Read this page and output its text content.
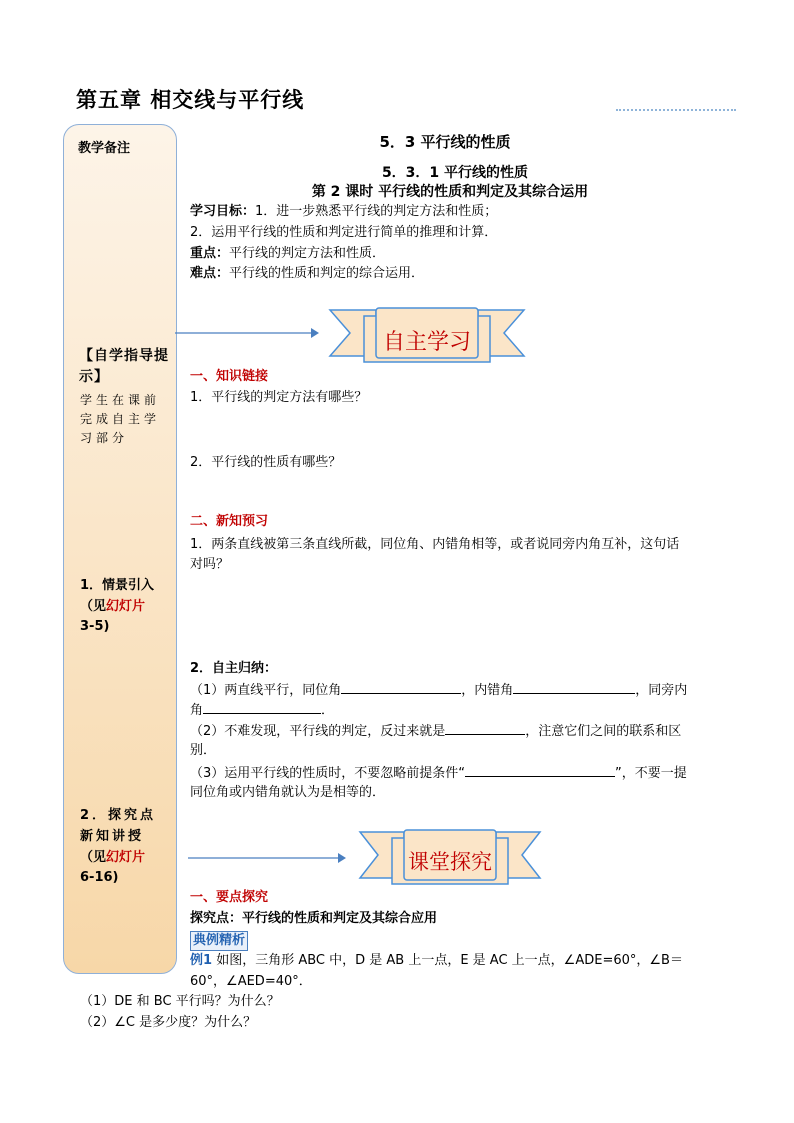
第五章 相交线与平行线
教学备注
【自学指导提示】
学生在课前完成自主学习部分
1．情景引入
（见幻灯片
3-5)
2．探究点新知讲授
（见幻灯片
6-16)
5．3 平行线的性质
5．3．1 平行线的性质
第 2 课时 平行线的性质和判定及其综合运用
学习目标：1．进一步熟悉平行线的判定方法和性质；
2．运用平行线的性质和判定进行简单的推理和计算．
重点：平行线的判定方法和性质．
难点：平行线的性质和判定的综合运用．
自主学习
一、知识链接
1．平行线的判定方法有哪些？
2．平行线的性质有哪些？
二、新知预习
1．两条直线被第三条直线所截，同位角、内错角相等，或者说同旁内角互补，这句话
对吗？
2．自主归纳：
（1）两直线平行，同位角	，内错角	，同旁内
角	．
（2）不难发现，平行线的判定，反过来就是	，注意它们之间的联系和区
别．
（3）运用平行线的性质时，不要忽略前提条件“	”，不要一提
同位角或内错角就认为是相等的．
课堂探究
一、要点探究
探究点：平行线的性质和判定及其综合应用
典例精析
例1 如图，三角形 ABC 中，D 是 AB 上一点，E 是 AC 上一点，∠ADE=60°，∠B＝
60°，∠AED=40°．
（1）DE 和 BC 平行吗？为什么？
（2）∠C 是多少度？为什么？
